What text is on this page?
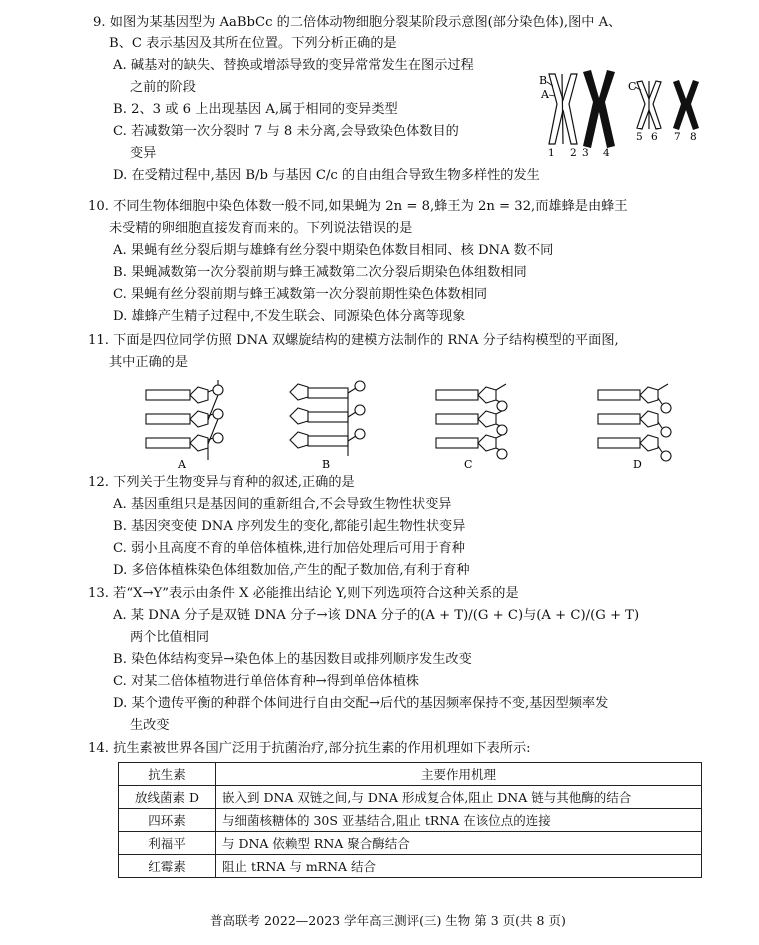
9. 如图为某基因型为 AaBbCc 的二倍体动物细胞分裂某阶段示意图(部分染色体),图中 A、
B、C 表示基因及其所在位置。下列分析正确的是
A. 碱基对的缺失、替换或增添导致的变异常常发生在图示过程
之前的阶段
B. 2、3 或 6 上出现基因 A,属于相同的变异类型
C. 若减数第一次分裂时 7 与 8 未分离,会导致染色体数目的
变异
D. 在受精过程中,基因 B/b 与基因 C/c 的自由组合导致生物多样性的发生
B
A
C
1 2 3 4
5 6 7 8
10. 不同生物体细胞中染色体数一般不同,如果蝇为 2n = 8,蜂王为 2n = 32,而雄蜂是由蜂王
未受精的卵细胞直接发育而来的。下列说法错误的是
A. 果蝇有丝分裂后期与雄蜂有丝分裂中期染色体数目相同、核 DNA 数不同
B. 果蝇减数第一次分裂前期与蜂王减数第二次分裂后期染色体组数相同
C. 果蝇有丝分裂前期与蜂王减数第一次分裂前期性染色体数相同
D. 雄蜂产生精子过程中,不发生联会、同源染色体分离等现象
11. 下面是四位同学仿照 DNA 双螺旋结构的建模方法制作的 RNA 分子结构模型的平面图,
其中正确的是
A	B	C	D
12. 下列关于生物变异与育种的叙述,正确的是
A. 基因重组只是基因间的重新组合,不会导致生物性状变异
B. 基因突变使 DNA 序列发生的变化,都能引起生物性状变异
C. 弱小且高度不育的单倍体植株,进行加倍处理后可用于育种
D. 多倍体植株染色体组数加倍,产生的配子数加倍,有利于育种
13. 若“X→Y”表示由条件 X 必能推出结论 Y,则下列选项符合这种关系的是
A. 某 DNA 分子是双链 DNA 分子→该 DNA 分子的(A + T)/(G + C)与(A + C)/(G + T)
两个比值相同
B. 染色体结构变异→染色体上的基因数目或排列顺序发生改变
C. 对某二倍体植物进行单倍体育种→得到单倍体植株
D. 某个遗传平衡的种群个体间进行自由交配→后代的基因频率保持不变,基因型频率发
生改变
14. 抗生素被世界各国广泛用于抗菌治疗,部分抗生素的作用机理如下表所示:
抗生素	主要作用机理
放线菌素 D	嵌入到 DNA 双链之间,与 DNA 形成复合体,阻止 DNA 链与其他酶的结合
四环素	与细菌核糖体的 30S 亚基结合,阻止 tRNA 在该位点的连接
利福平	与 DNA 依赖型 RNA 聚合酶结合
红霉素	阻止 tRNA 与 mRNA 结合
普高联考 2022—2023 学年高三测评(三) 生物 第 3 页(共 8 页)
